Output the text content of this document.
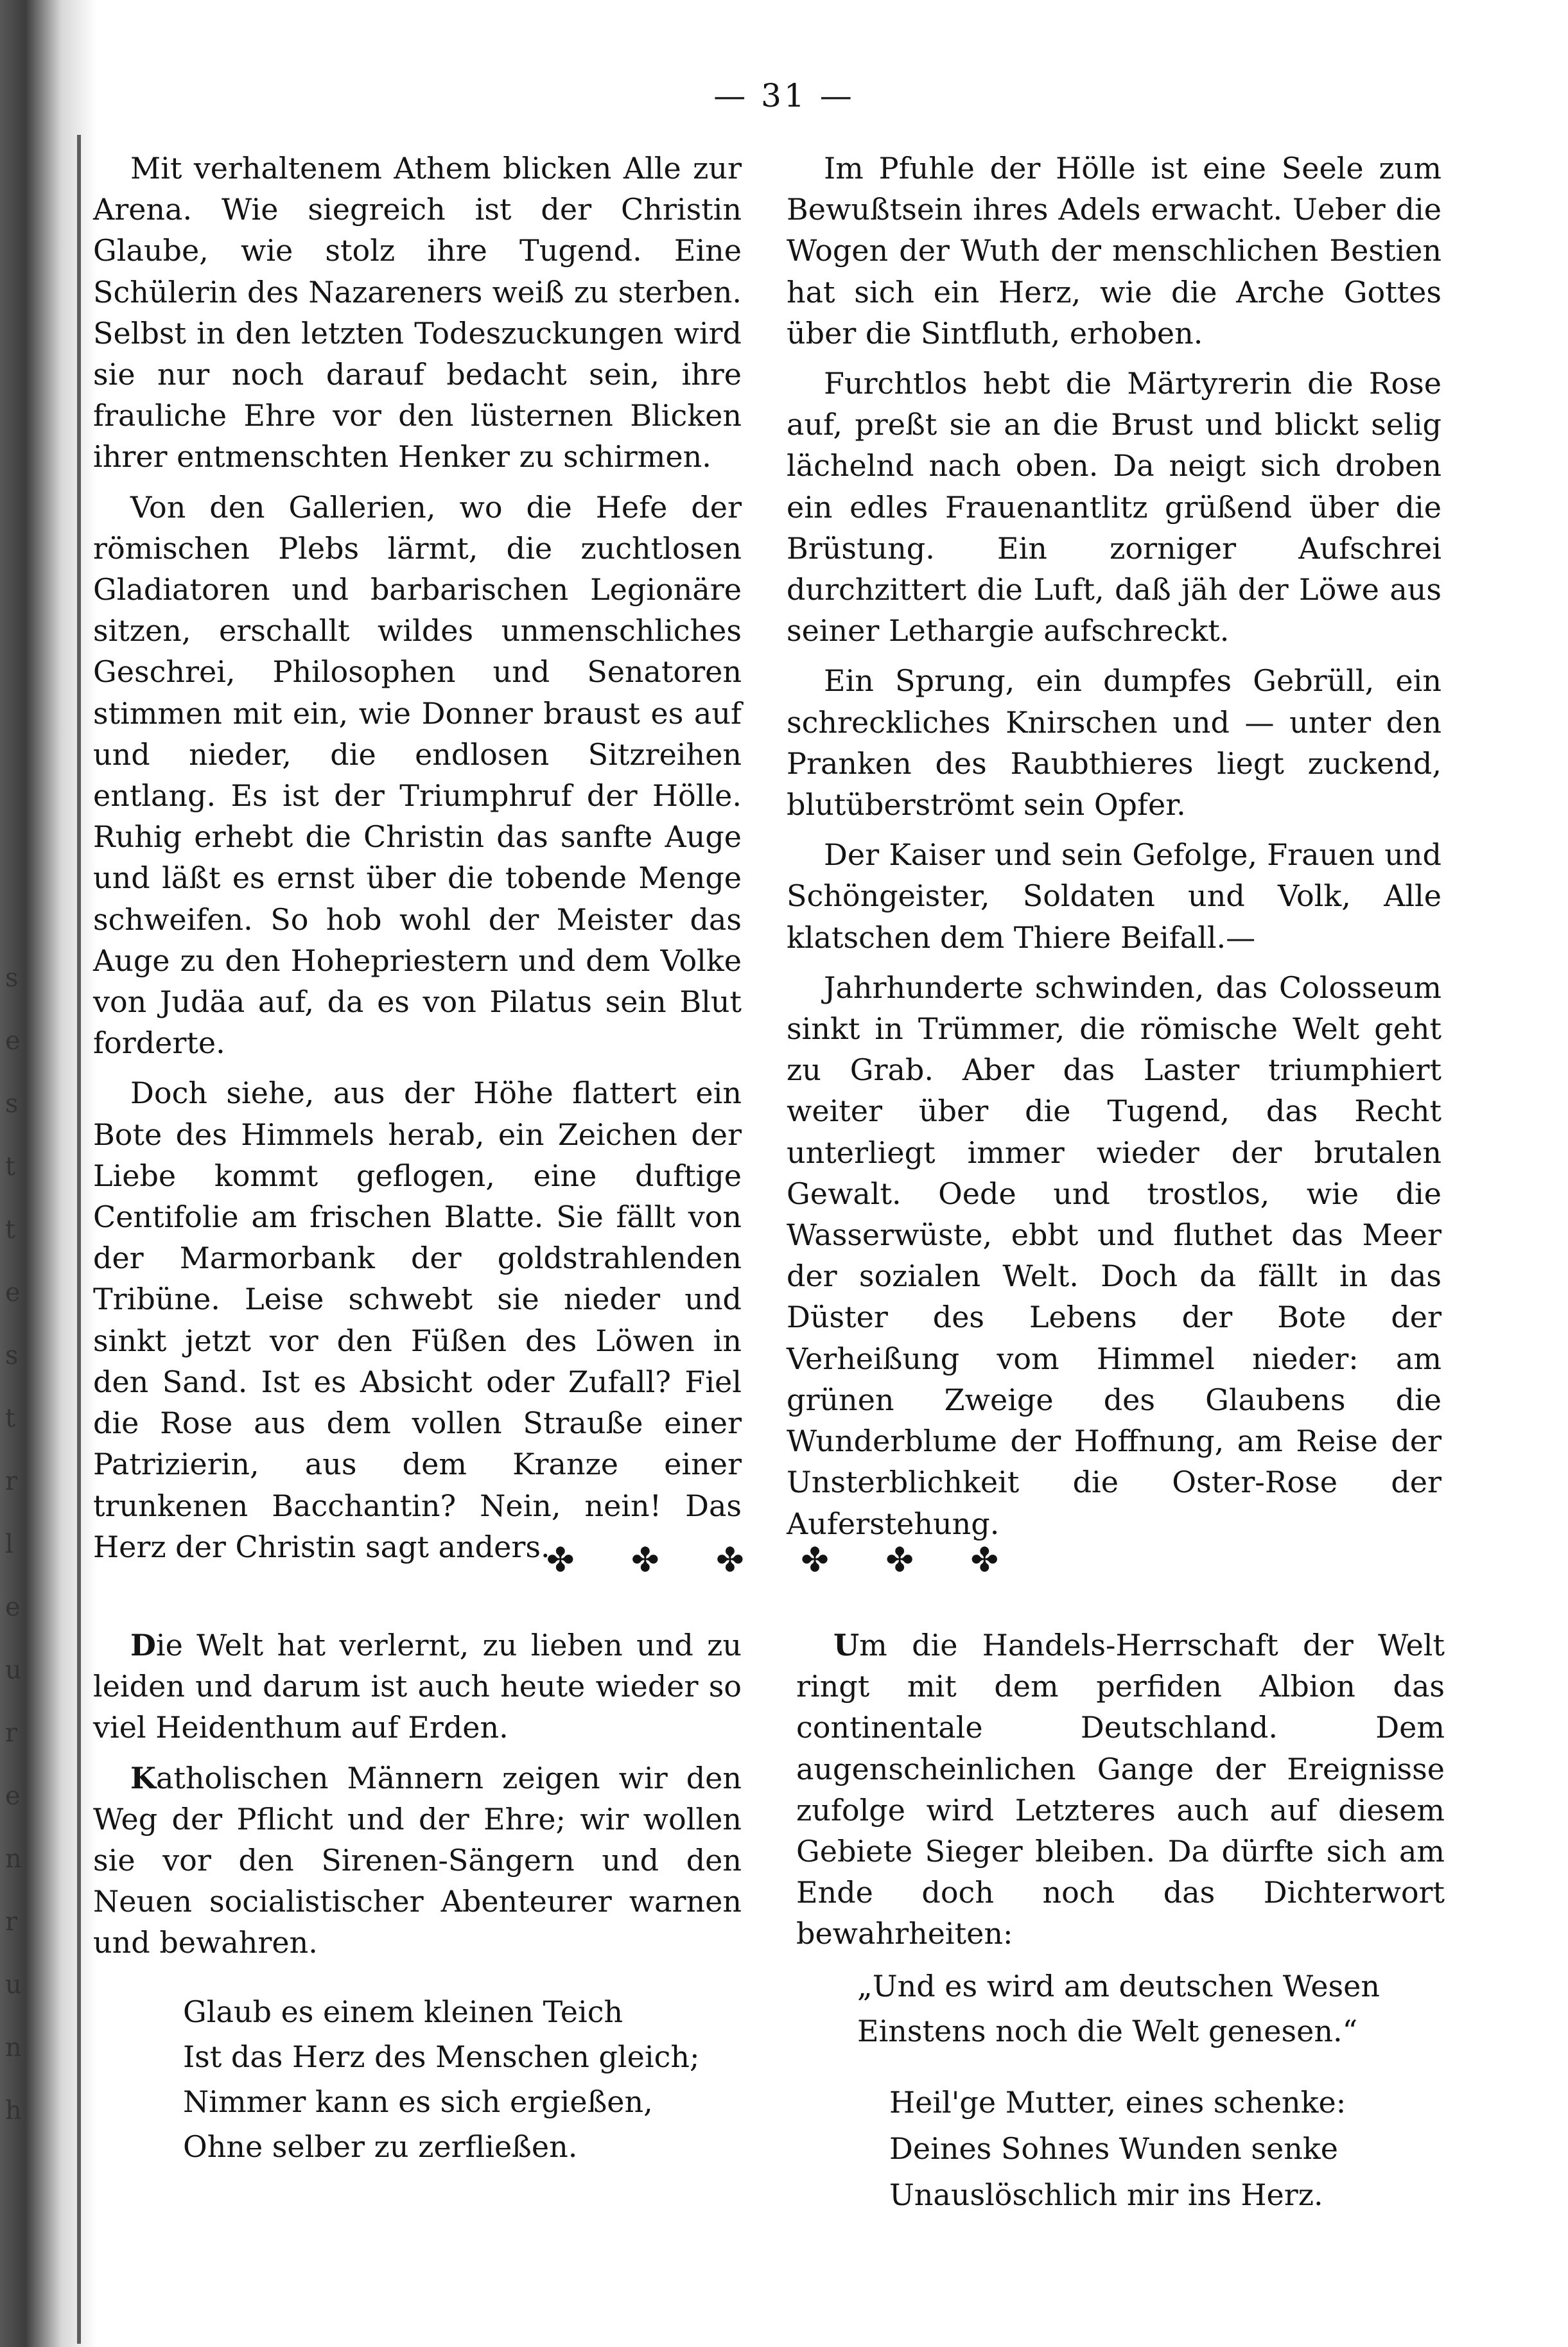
s
e
s
t
t
e
s
t
r
l
e
u
r
e
n
r
u
n
h
— 31 —

Mit verhaltenem Athem blicken Alle zur Arena. Wie siegreich ist der Christin Glaube, wie stolz ihre Tugend. Eine Schülerin des Nazareners weiß zu sterben. Selbst in den letzten Todeszuckungen wird sie nur noch darauf bedacht sein, ihre frauliche Ehre vor den lüsternen Blicken ihrer entmenschten Henker zu schirmen.

Von den Gallerien, wo die Hefe der römischen Plebs lärmt, die zuchtlosen Gladiatoren und barbarischen Legionäre sitzen, erschallt wildes unmenschliches Geschrei, Philosophen und Senatoren stimmen mit ein, wie Donner braust es auf und nieder, die endlosen Sitzreihen entlang. Es ist der Triumphruf der Hölle. Ruhig erhebt die Christin das sanfte Auge und läßt es ernst über die tobende Menge schweifen. So hob wohl der Meister das Auge zu den Hohepriestern und dem Volke von Judäa auf, da es von Pilatus sein Blut forderte.

Doch siehe, aus der Höhe flattert ein Bote des Himmels herab, ein Zeichen der Liebe kommt geflogen, eine duftige Centifolie am frischen Blatte. Sie fällt von der Marmorbank der goldstrahlenden Tribüne. Leise schwebt sie nieder und sinkt jetzt vor den Füßen des Löwen in den Sand. Ist es Absicht oder Zufall? Fiel die Rose aus dem vollen Strauße einer Patrizierin, aus dem Kranze einer trunkenen Bacchantin? Nein, nein! Das Herz der Christin sagt anders.

Im Pfuhle der Hölle ist eine Seele zum Bewußtsein ihres Adels erwacht. Ueber die Wogen der Wuth der menschlichen Bestien hat sich ein Herz, wie die Arche Gottes über die Sintfluth, erhoben.

Furchtlos hebt die Märtyrerin die Rose auf, preßt sie an die Brust und blickt selig lächelnd nach oben. Da neigt sich droben ein edles Frauenantlitz grüßend über die Brüstung. Ein zorniger Aufschrei durchzittert die Luft, daß jäh der Löwe aus seiner Lethargie aufschreckt.

Ein Sprung, ein dumpfes Gebrüll, ein schreckliches Knirschen und — unter den Pranken des Raubthieres liegt zuckend, blutüberströmt sein Opfer.

Der Kaiser und sein Gefolge, Frauen und Schöngeister, Soldaten und Volk, Alle klatschen dem Thiere Beifall.—

Jahrhunderte schwinden, das Colosseum sinkt in Trümmer, die römische Welt geht zu Grab. Aber das Laster triumphiert weiter über die Tugend, das Recht unterliegt immer wieder der brutalen Gewalt. Oede und trostlos, wie die Wasserwüste, ebbt und fluthet das Meer der sozialen Welt. Doch da fällt in das Düster des Lebens der Bote der Verheißung vom Himmel nieder: am grünen Zweige des Glaubens die Wunderblume der Hoffnung, am Reise der Unsterblichkeit die Oster-Rose der Auferstehung.

✤ ✤ ✤ ✤ ✤ ✤

Die Welt hat verlernt, zu lieben und zu leiden und darum ist auch heute wieder so viel Heidenthum auf Erden.

Katholischen Männern zeigen wir den Weg der Pflicht und der Ehre; wir wollen sie vor den Sirenen-Sängern und den Neuen socialistischer Abenteurer warnen und bewahren.

Glaub es einem kleinen Teich
Ist das Herz des Menschen gleich;
Nimmer kann es sich ergießen,
Ohne selber zu zerfließen.

Um die Handels-Herrschaft der Welt ringt mit dem perfiden Albion das continentale Deutschland. Dem augenscheinlichen Gange der Ereignisse zufolge wird Letzteres auch auf diesem Gebiete Sieger bleiben. Da dürfte sich am Ende doch noch das Dichterwort bewahrheiten:

„Und es wird am deutschen Wesen
Einstens noch die Welt genesen.“
Heil'ge Mutter, eines schenke:
Deines Sohnes Wunden senke
Unauslöschlich mir ins Herz.
